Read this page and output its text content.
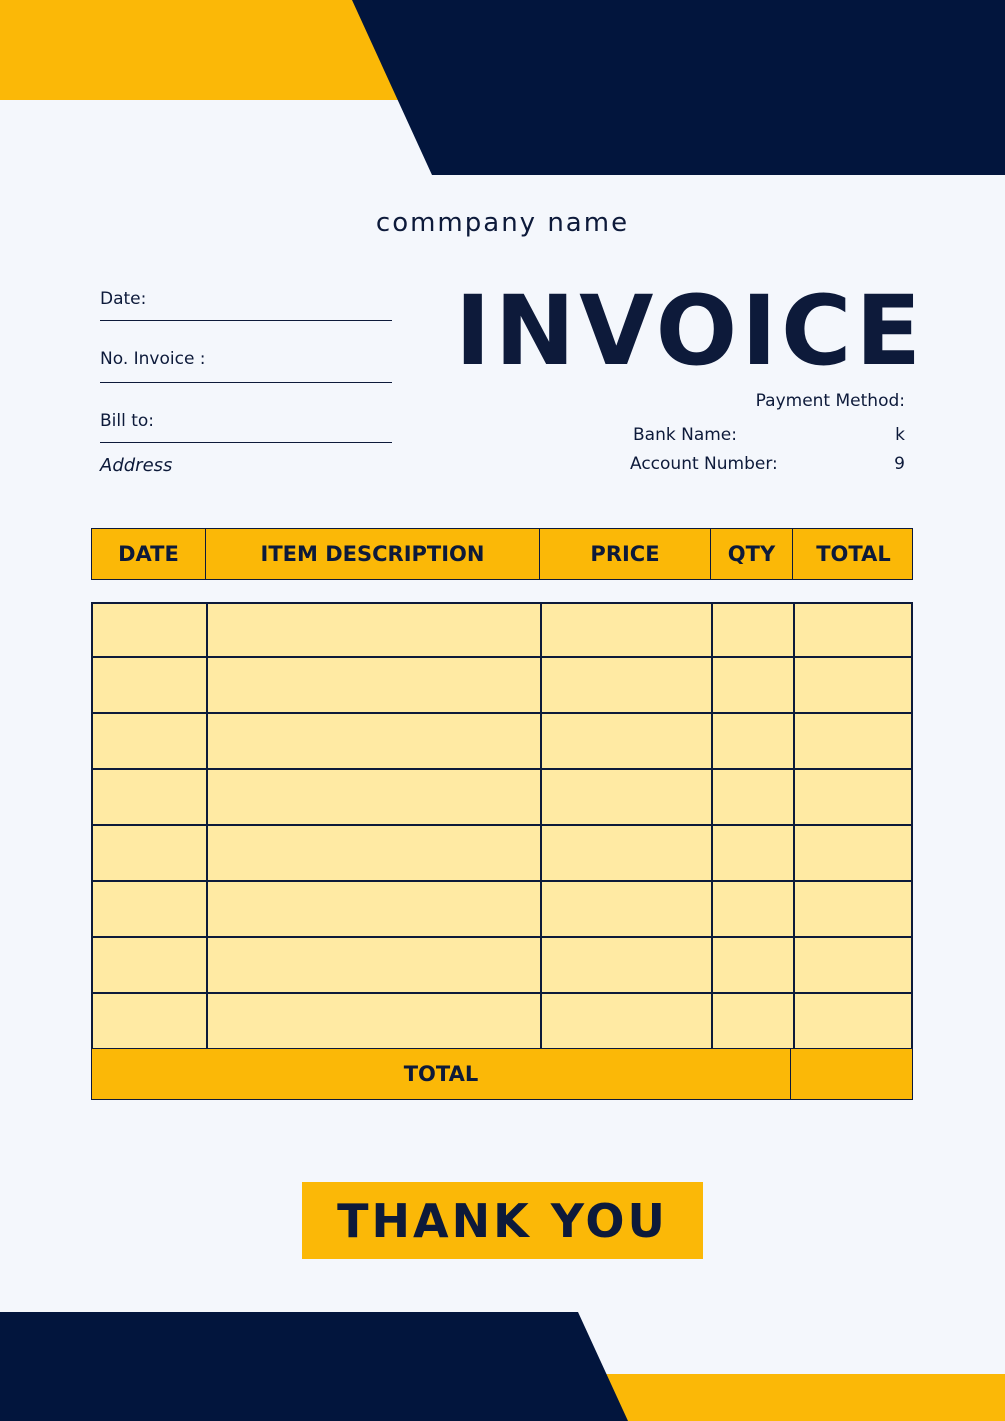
commpany name
Date:
No. Invoice :
Bill to:
Address
INVOICE
Payment Method:
Bank Name:	k
Account Number:	9
DATE	ITEM DESCRIPTION	PRICE	QTY	TOTAL
TOTAL
THANK YOU
